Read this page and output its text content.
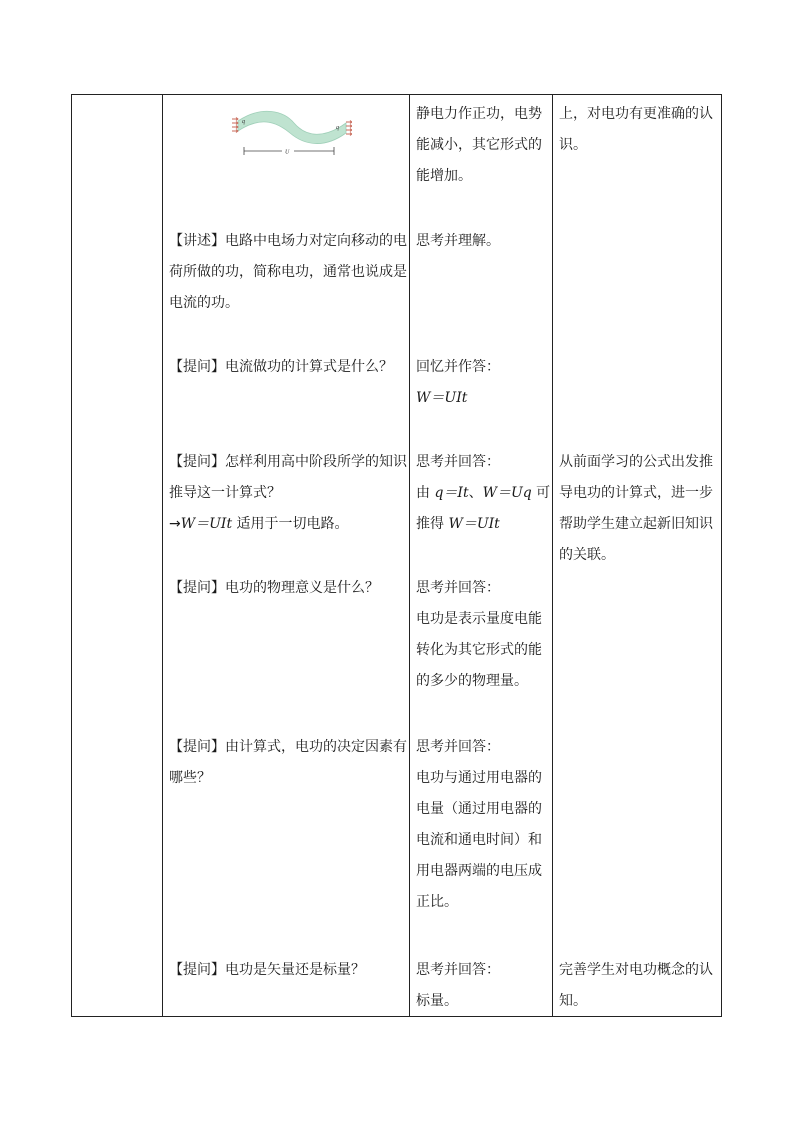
q
q
U
【讲述】电路中电场力对定向移动的电
荷所做的功，简称电功，通常也说成是
电流的功。
【提问】电流做功的计算式是什么？
【提问】怎样利用高中阶段所学的知识
推导这一计算式？
→W＝UIt 适用于一切电路。
【提问】电功的物理意义是什么？
【提问】由计算式，电功的决定因素有
哪些？
【提问】电功是矢量还是标量？
静电力作正功，电势
能减小，其它形式的
能增加。
思考并理解。
回忆并作答：
W＝UIt
思考并回答：
由 q＝It、W＝Uq 可
推得 W＝UIt
思考并回答：
电功是表示量度电能
转化为其它形式的能
的多少的物理量。
思考并回答：
电功与通过用电器的
电量（通过用电器的
电流和通电时间）和
用电器两端的电压成
正比。
思考并回答：
标量。
上，对电功有更准确的认
识。
从前面学习的公式出发推
导电功的计算式，进一步
帮助学生建立起新旧知识
的关联。
完善学生对电功概念的认
知。
